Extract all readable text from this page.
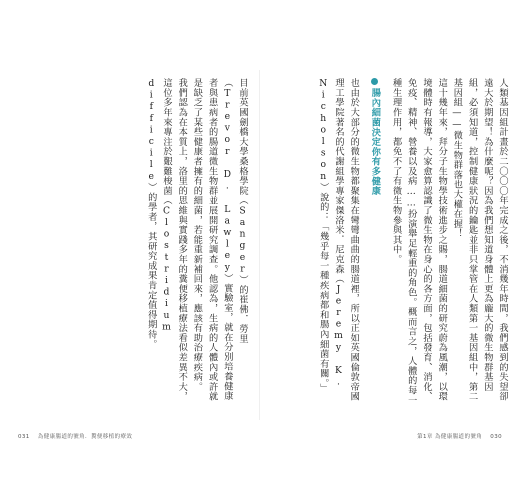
目前英國劍橋大學桑格學院（Sanger）的崔佛．勞里（Trevor D. Lawley）實驗室，就在分別培養健康者與患病者的腸道微生物群並展開研究調查。他認為，生病的人體內或許就是缺乏了某些健康者擁有的細菌，若能重新補回來，應該有助治療疾病。

我們認為在本質上，洛里的思維與實踐多年的糞便移植療法看似差異不大，這位多年來專注於艱難梭菌（Clostridium difficile）的學者，其研究成果肯定值得期待。	人類基因組計畫於二〇〇〇年完成之後，不消幾年時間，我們感到的失望卻遠大於期望！為什麼呢？因為我們想知道身體上更為龐大的微生物群基因組，必須知道，控制健康狀況的鑰匙並非只掌管在人類第一基因組中，第二基因組——微生物群落也大權在握！

這十幾年來，拜分子生物學技術進步之賜，腸道細菌的研究蔚為風潮，以環境體時有報導，大家愈算認識了微生物在身心的各方面，包括發育、消化、免疫、精神、營養以及病……扮演舉足輕重的角色。概而言之，人體的每一種生理作用，都免不了有微生物參與其中。

腸內細菌決定你有多健康

也由於大部分的微生物都聚集在彎彎曲曲的腸道裡，所以正如英國倫敦帝國理工學院著名的代謝組學專家傑洛米．尼克森（Jeremy K. Nicholson）說的：「幾乎每一種疾病都和腸內細菌有關。」

031 為健康腸道的號角．糞便移植的療效	第1章 為健康腸道的號角 030
